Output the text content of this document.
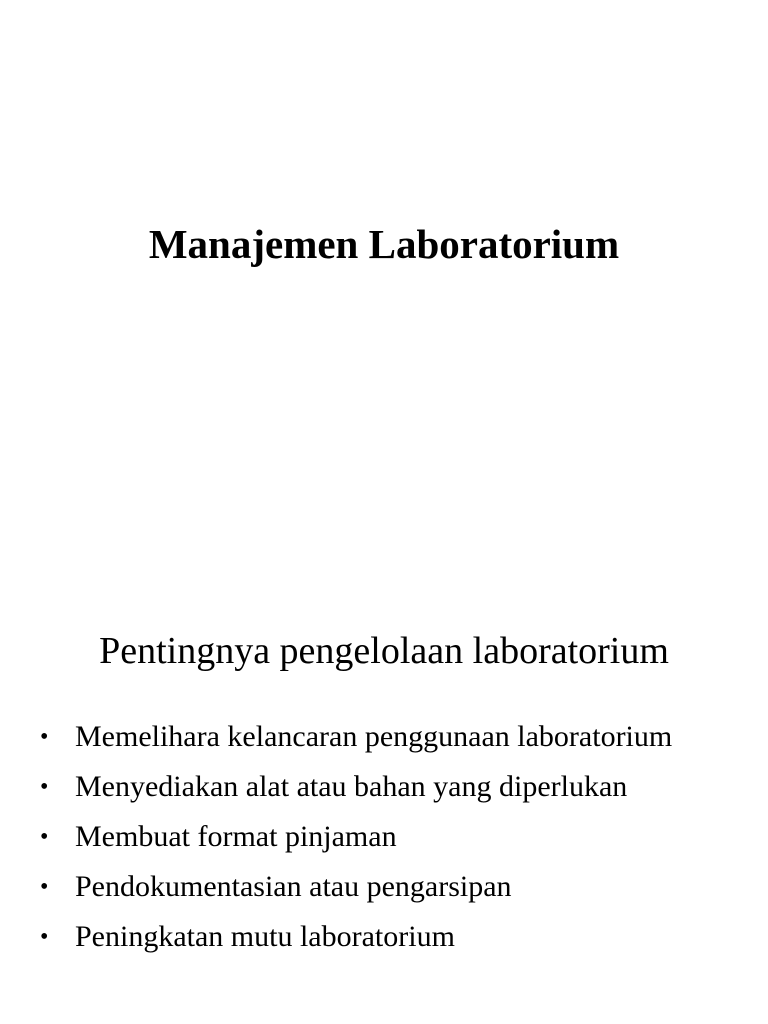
Manajemen Laboratorium
Pentingnya pengelolaan laboratorium
• Memelihara kelancaran penggunaan laboratorium
• Menyediakan alat atau bahan yang diperlukan
• Membuat format pinjaman
• Pendokumentasian atau pengarsipan
• Peningkatan mutu laboratorium
